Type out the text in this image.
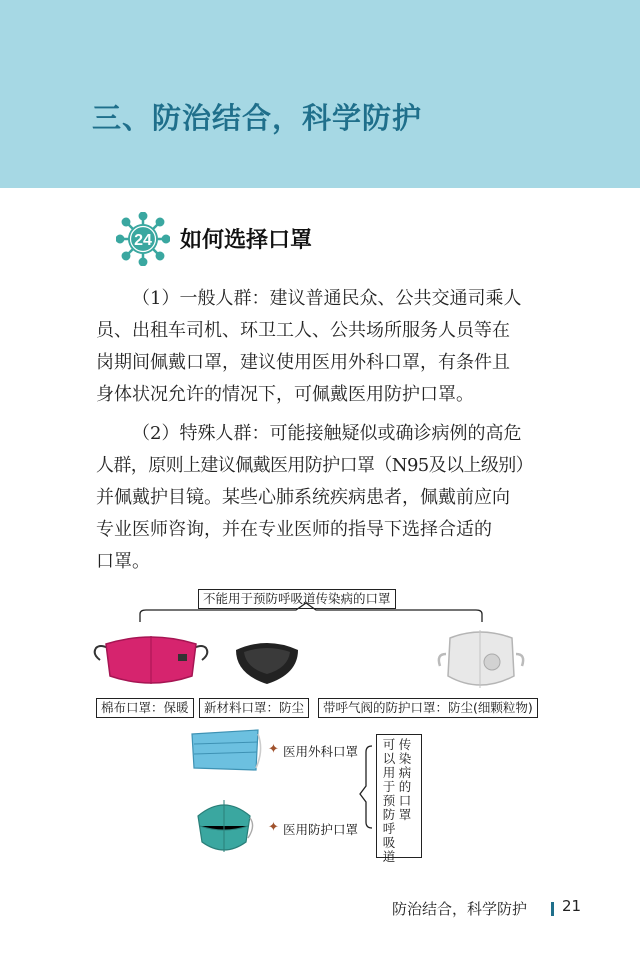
三、防治结合，科学防护
24 如何选择口罩
（1）一般人群：建议普通民众、公共交通司乘人
员、出租车司机、环卫工人、公共场所服务人员等在
岗期间佩戴口罩，建议使用医用外科口罩，有条件且
身体状况允许的情况下，可佩戴医用防护口罩。
（2）特殊人群：可能接触疑似或确诊病例的高危
人群，原则上建议佩戴医用防护口罩（N95及以上级别）
并佩戴护目镜。某些心肺系统疾病患者，佩戴前应向
专业医师咨询，并在专业医师的指导下选择合适的
口罩。
不能用于预防呼吸道传染病的口罩
棉布口罩：保暖	新材料口罩：防尘	带呼气阀的防护口罩：防尘(细颗粒物)
✦ 医用外科口罩
✦ 医用防护口罩
传
染
病
的
口
罩
可
以
用
于
预
防
呼
吸
道
防治结合，科学防护 21
